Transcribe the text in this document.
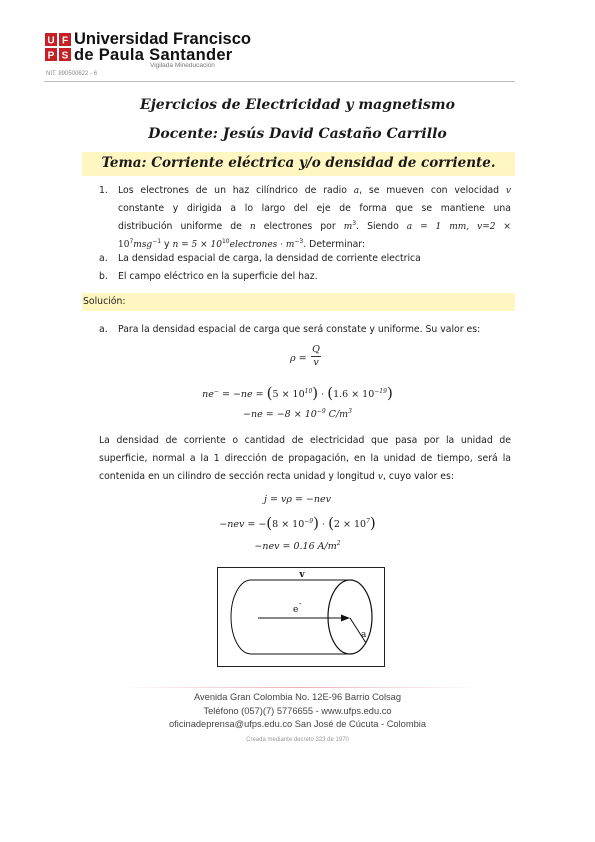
U F
P S
Universidad Francisco
de Paula Santander
Vigilada Mineducación
NIT. 890500622 - 6
Ejercicios de Electricidad y magnetismo
Docente: Jesús David Castaño Carrillo
Tema: Corriente eléctrica y/o densidad de corriente.
1. Los electrones de un haz cilíndrico de radio a, se mueven con velocidad v
constante y dirigida a lo largo del eje de forma que se mantiene una
distribución uniforme de n electrones por $m^3$. Siendo a = 1 mm, v=2 ×
$10^7msg^{-1}$ y $n = 5 \times 10^{10}electrones \cdot m^{-3}$. Determinar:
a. La densidad espacial de carga, la densidad de corriente electrica
b. El campo eléctrico en la superficie del haz.
Solución:
a. Para la densidad espacial de carga que será constate y uniforme. Su valor es:
$\rho = \frac{Q}{v}$
$ne^- = -ne = (5 \times 10^{10}) \cdot (1.6 \times 10^{-19})$
$-ne = -8 \times 10^{-9}$ $C/m^3$
La densidad de corriente o cantidad de electricidad que pasa por la unidad de superficie, normal a la 1 dirección de propagación, en la unidad de tiempo, será la contenida en un cilindro de sección recta unidad y longitud v, cuyo valor es:
j = vρ = −nev
$-nev = -(8 \times 10^{-9}) \cdot (2 \times 10^7)$
−nev = 0.16 $A/m^2$
v
e
-
a
Avenida Gran Colombia No. 12E-96 Barrio Colsag
Teléfono (057)(7) 5776655 - www.ufps.edu.co
oficinadeprensa@ufps.edu.co San José de Cúcuta - Colombia
Creada mediante decreto 323 de 1970
